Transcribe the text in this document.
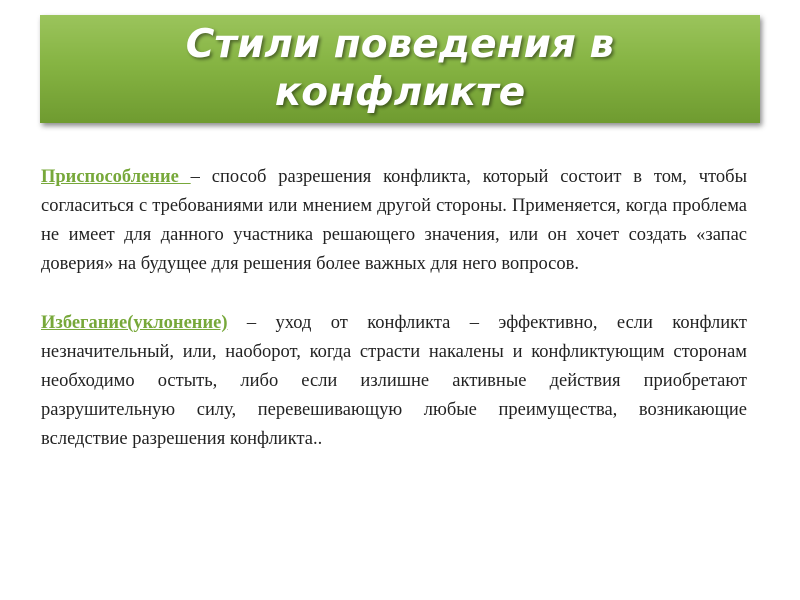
Стили поведения в
конфликте

Приспособление – способ разрешения конфликта, который состоит в том, чтобы согласиться с требованиями или мнением другой стороны. Применяется, когда проблема не имеет для данного участника решающего значения, или он хочет создать «запас доверия» на будущее для решения более важных для него вопросов.

Избегание(уклонение) – уход от конфликта – эффективно, если конфликт незначительный, или, наоборот, когда страсти накалены и конфликтующим сторонам необходимо остыть, либо если излишне активные действия приобретают разрушительную силу, перевешивающую любые преимущества, возникающие вследствие разрешения конфликта..
